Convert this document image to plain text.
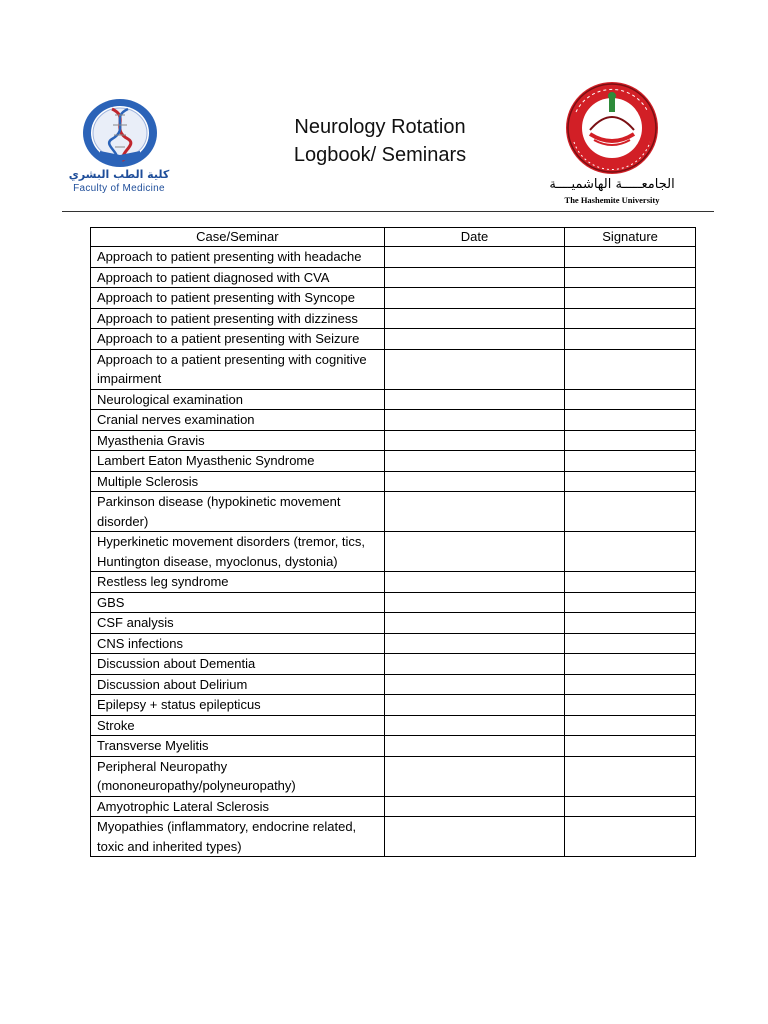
كلية الطب البشري
Faculty of Medicine
Neurology Rotation
Logbook/ Seminars
الجامعـــــة الهاشميــــة
The Hashemite University
Case/Seminar	Date	Signature
Approach to patient presenting with headache		
Approach to patient diagnosed with CVA		
Approach to patient presenting with Syncope		
Approach to patient presenting with dizziness		
Approach to a patient presenting with Seizure		
Approach to a patient presenting with cognitive impairment		
Neurological examination		
Cranial nerves examination		
Myasthenia Gravis		
Lambert Eaton Myasthenic Syndrome		
Multiple Sclerosis		
Parkinson disease (hypokinetic movement disorder)		
Hyperkinetic movement disorders (tremor, tics, Huntington disease, myoclonus, dystonia)		
Restless leg syndrome		
GBS		
CSF analysis		
CNS infections		
Discussion about Dementia		
Discussion about Delirium		
Epilepsy + status epilepticus		
Stroke		
Transverse Myelitis		
Peripheral Neuropathy (mononeuropathy/polyneuropathy)		
Amyotrophic Lateral Sclerosis		
Myopathies (inflammatory, endocrine related, toxic and inherited types)		
